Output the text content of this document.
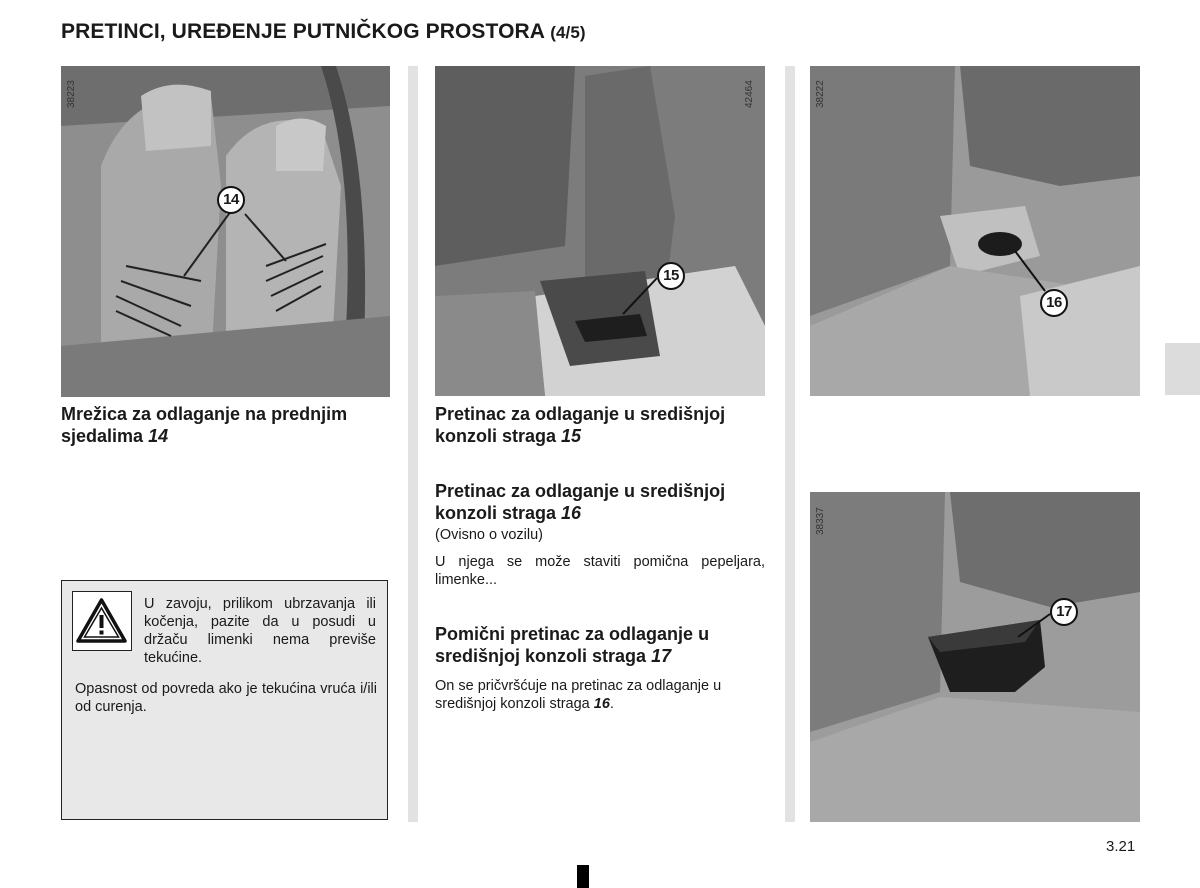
PRETINCI, UREĐENJE PUTNIČKOG PROSTORA (4/5)
14
38223
15
42464
16
38222
17
38337
Mrežica za odlaganje na prednjim sjedalima 14

U zavoju, prilikom ubrzavanja ili kočenja, pazite da u posudi u držaču limenki nema previše tekućine.

Opasnost od povreda ako je tekućina vruća i/ili od curenja.

Pretinac za odlaganje u središnjoj konzoli straga 15
Pretinac za odlaganje u središnjoj konzoli straga 16

(Ovisno o vozilu)

U njega se može staviti pomična pepeljara, limenke...

Pomični pretinac za odlaganje u središnjoj konzoli straga 17

On se pričvršćuje na pretinac za odlaganje u središnjoj konzoli straga 16.

3.21
